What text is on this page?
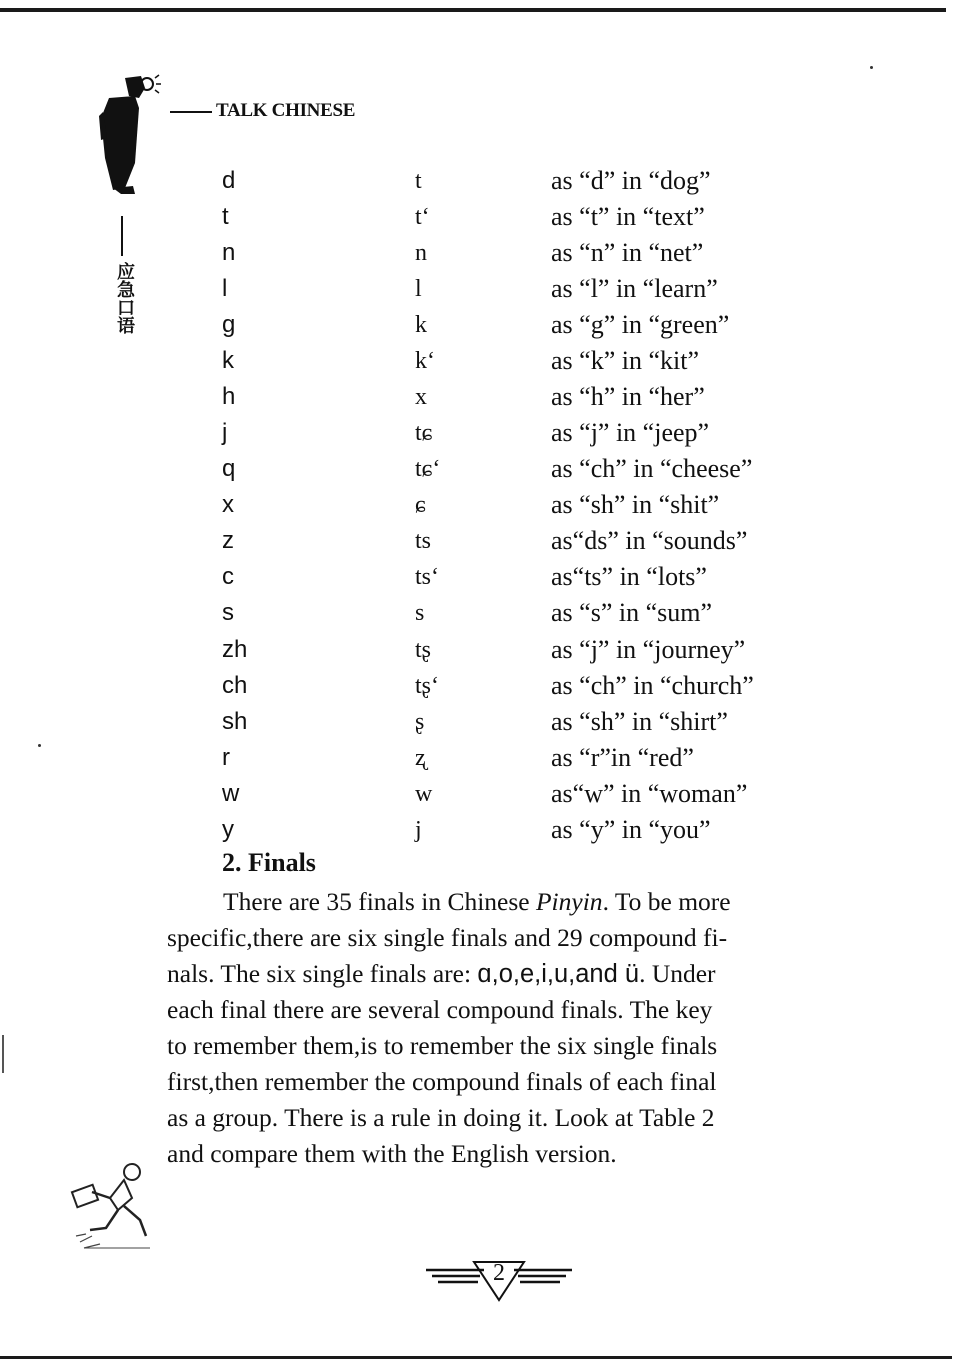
TALK CHINESE
应急口语
d	t	as “d” in “dog”
t	t‘	as “t” in “text”
n	n	as “n” in “net”
l	l	as “l” in “learn”
g	k	as “g” in “green”
k	k‘	as “k” in “kit”
h	x	as “h” in “her”
j	tɕ	as “j” in “jeep”
q	tɕ‘	as “ch” in “cheese”
x	ɕ	as “sh” in “shit”
z	ts	as“ds” in “sounds”
c	ts‘	as“ts” in “lots”
s	s	as “s” in “sum”
zh	tʂ	as “j” in “journey”
ch	tʂ‘	as “ch” in “church”
sh	ʂ	as “sh” in “shirt”
r	ʐ	as “r”in “red”
w	w	as“w” in “woman”
y	j	as “y” in “you”
2. Finals
There are 35 finals in Chinese Pinyin. To be more
specific,there are six single finals and 29 compound fi-
nals. The six single finals are: ɑ,o,e,i,u,and ü. Under
each final there are several compound finals. The key
to remember them,is to remember the six single finals
first,then remember the compound finals of each final
as a group. There is a rule in doing it. Look at Table 2
and compare them with the English version.
2
